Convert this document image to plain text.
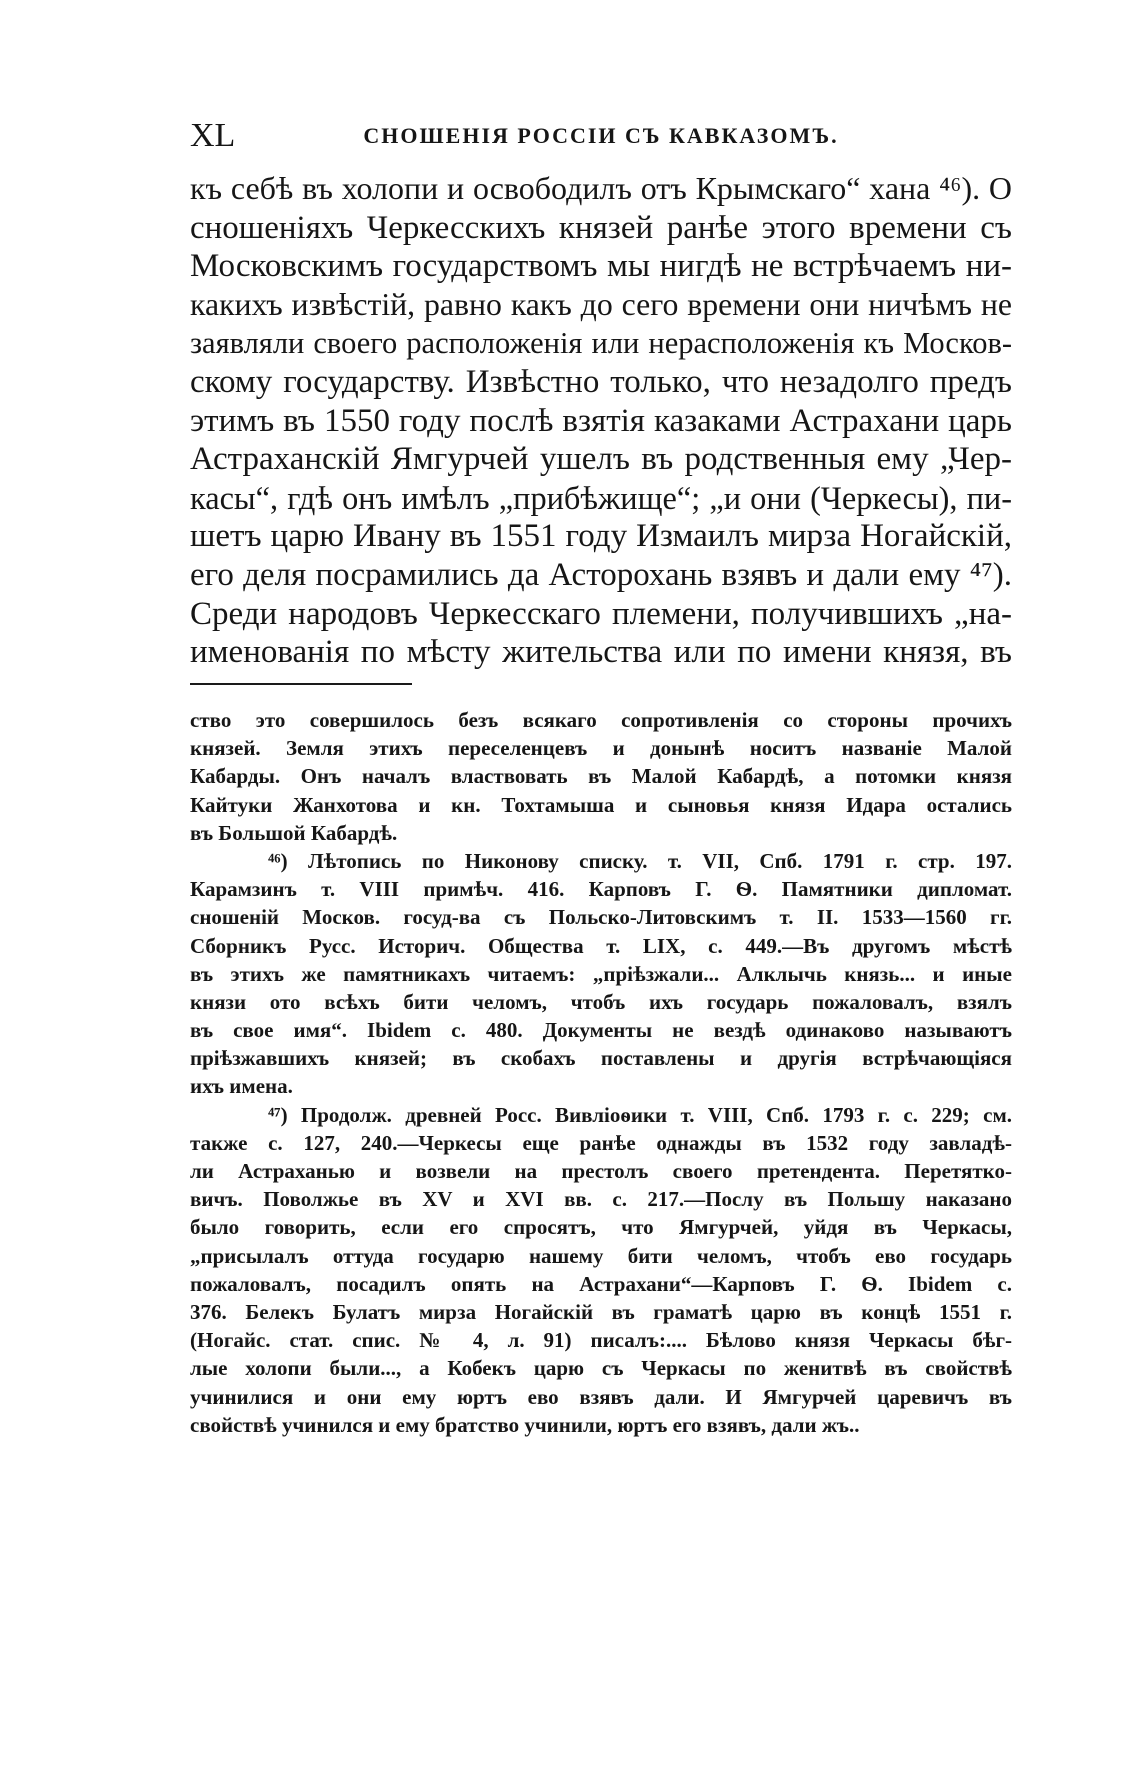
XL	СНОШЕНІЯ РОССІИ СЪ КАВКАЗОМЪ.
къ себѣ въ холопи и освободилъ отъ Крымскаго“ хана ⁴⁶). О
сношеніяхъ Черкесскихъ князей ранѣе этого времени съ
Московскимъ государствомъ мы нигдѣ не встрѣчаемъ ни-
какихъ извѣстій, равно какъ до сего времени они ничѣмъ не
заявляли своего расположенія или нерасположенія къ Москов-
скому государству. Извѣстно только, что незадолго предъ
этимъ въ 1550 году послѣ взятія казаками Астрахани царь
Астраханскій Ямгурчей ушелъ въ родственныя ему „Чер-
касы“, гдѣ онъ имѣлъ „прибѣжище“; „и они (Черкесы), пи-
шетъ царю Ивану въ 1551 году Измаилъ мирза Ногайскій,
его деля посрамились да Асторохань взявъ и дали ему ⁴⁷).
Среди народовъ Черкесскаго племени, получившихъ „на-
именованія по мѣсту жительства или по имени князя, въ
ство это совершилось безъ всякаго сопротивленія со стороны прочихъ
князей. Земля этихъ переселенцевъ и донынѣ носитъ названіе Малой
Кабарды. Онъ началъ властвовать въ Малой Кабардѣ, а потомки князя
Кайтуки Жанхотова и кн. Тохтамыша и сыновья князя Идара остались
въ Большой Кабардѣ.
⁴⁶) Лѣтопись по Никонову списку. т. VII, Спб. 1791 г. стр. 197.
Карамзинъ т. VIII примѣч. 416. Карповъ Г. Ѳ. Памятники дипломат.
сношеній Москов. госуд-ва съ Польско-Литовскимъ т. II. 1533—1560 гг.
Сборникъ Русс. Историч. Общества т. LIX, с. 449.—Въ другомъ мѣстѣ
въ этихъ же памятникахъ читаемъ: „пріѣзжали... Алклычь князь... и иные
князи ото всѣхъ бити челомъ, чтобъ ихъ государь пожаловалъ, взялъ
въ свое имя“. Ibidem с. 480. Документы не вездѣ одинаково называютъ
пріѣзжавшихъ князей; въ скобахъ поставлены и другія встрѣчающіяся
ихъ имена.
⁴⁷) Продолж. древней Росс. Вивліоѳики т. VIII, Спб. 1793 г. с. 229; см.
также с. 127, 240.—Черкесы еще ранѣе однажды въ 1532 году завладѣ-
ли Астраханью и возвели на престолъ своего претендента. Перетятко-
вичъ. Поволжье въ XV и XVI вв. с. 217.—Послу въ Польшу наказано
было говорить, если его спросятъ, что Ямгурчей, уйдя въ Черкасы,
„присылалъ оттуда государю нашему бити челомъ, чтобъ ево государь
пожаловалъ, посадилъ опять на Астрахани“—Карповъ Г. Ѳ. Ibidem с.
376. Белекъ Булатъ мирза Ногайскій въ граматѣ царю въ концѣ 1551 г.
(Ногайс. стат. спис. № 4, л. 91) писалъ:.... Бѣлово князя Черкасы бѣг-
лые холопи были..., а Кобекъ царю съ Черкасы по женитвѣ въ свойствѣ
учинилися и они ему юртъ ево взявъ дали. И Ямгурчей царевичъ въ
свойствѣ учинился и ему братство учинили, юртъ его взявъ, дали жъ..
